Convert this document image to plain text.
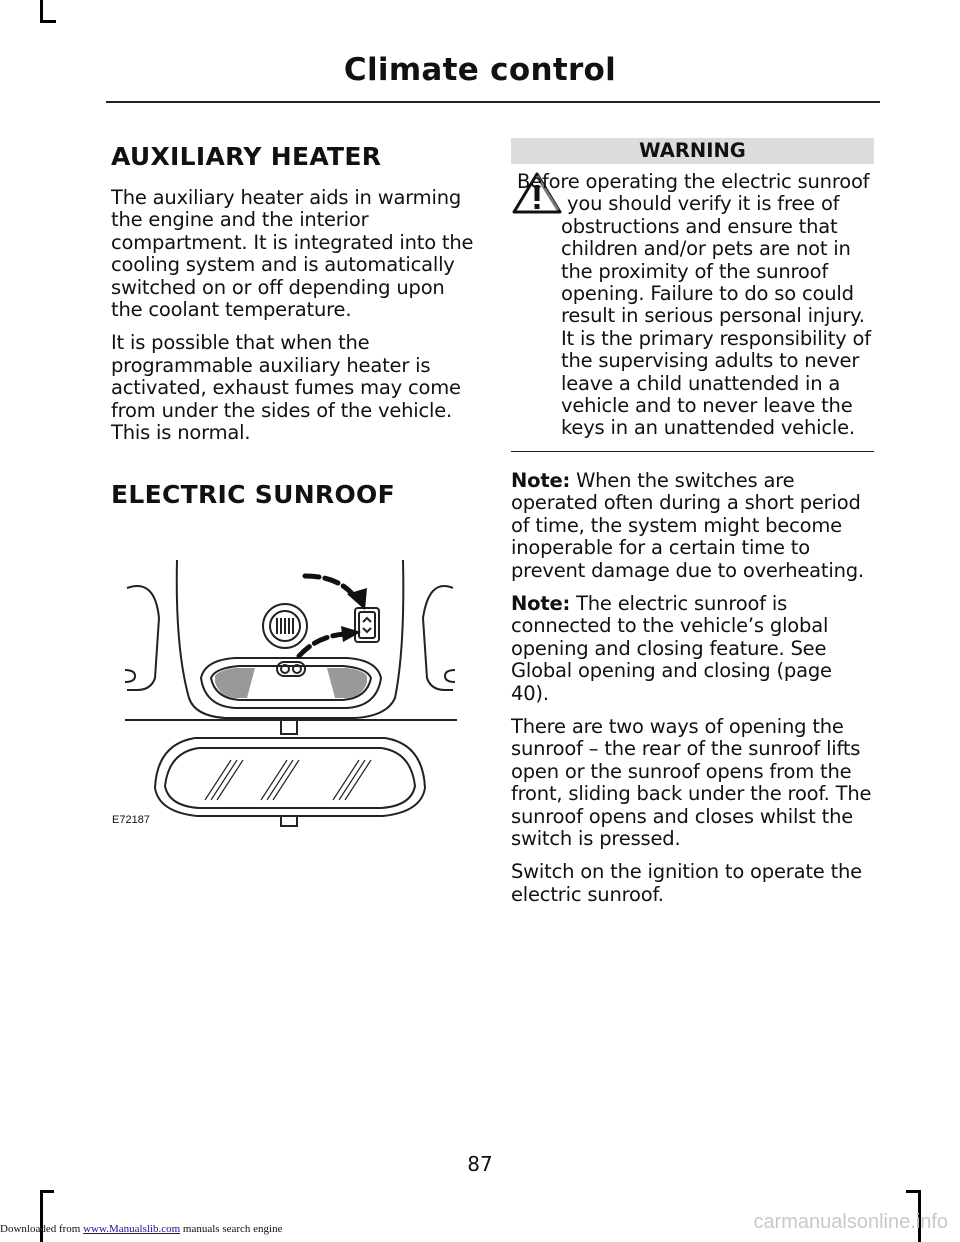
Climate control
AUXILIARY HEATER

The auxiliary heater aids in warming the engine and the interior compartment. It is integrated into the cooling system and is automatically switched on or off depending upon the coolant temperature.

It is possible that when the programmable auxiliary heater is activated, exhaust fumes may come from under the sides of the vehicle. This is normal.

ELECTRIC SUNROOF
E72187
WARNING

Before operating the electric sunroof you should verify it is free of obstructions and ensure that children and/or pets are not in the proximity of the sunroof opening. Failure to do so could result in serious personal injury. It is the primary responsibility of the supervising adults to never leave a child unattended in a vehicle and to never leave the keys in an unattended vehicle.

Note: When the switches are operated often during a short period of time, the system might become inoperable for a certain time to prevent damage due to overheating.

Note: The electric sunroof is connected to the vehicle’s global opening and closing feature. See Global opening and closing (page 40).

There are two ways of opening the sunroof – the rear of the sunroof lifts open or the sunroof opens from the front, sliding back under the roof. The sunroof opens and closes whilst the switch is pressed.

Switch on the ignition to operate the electric sunroof.

87
Downloaded from www.Manualslib.com manuals search engine	carmanualsonline.info
